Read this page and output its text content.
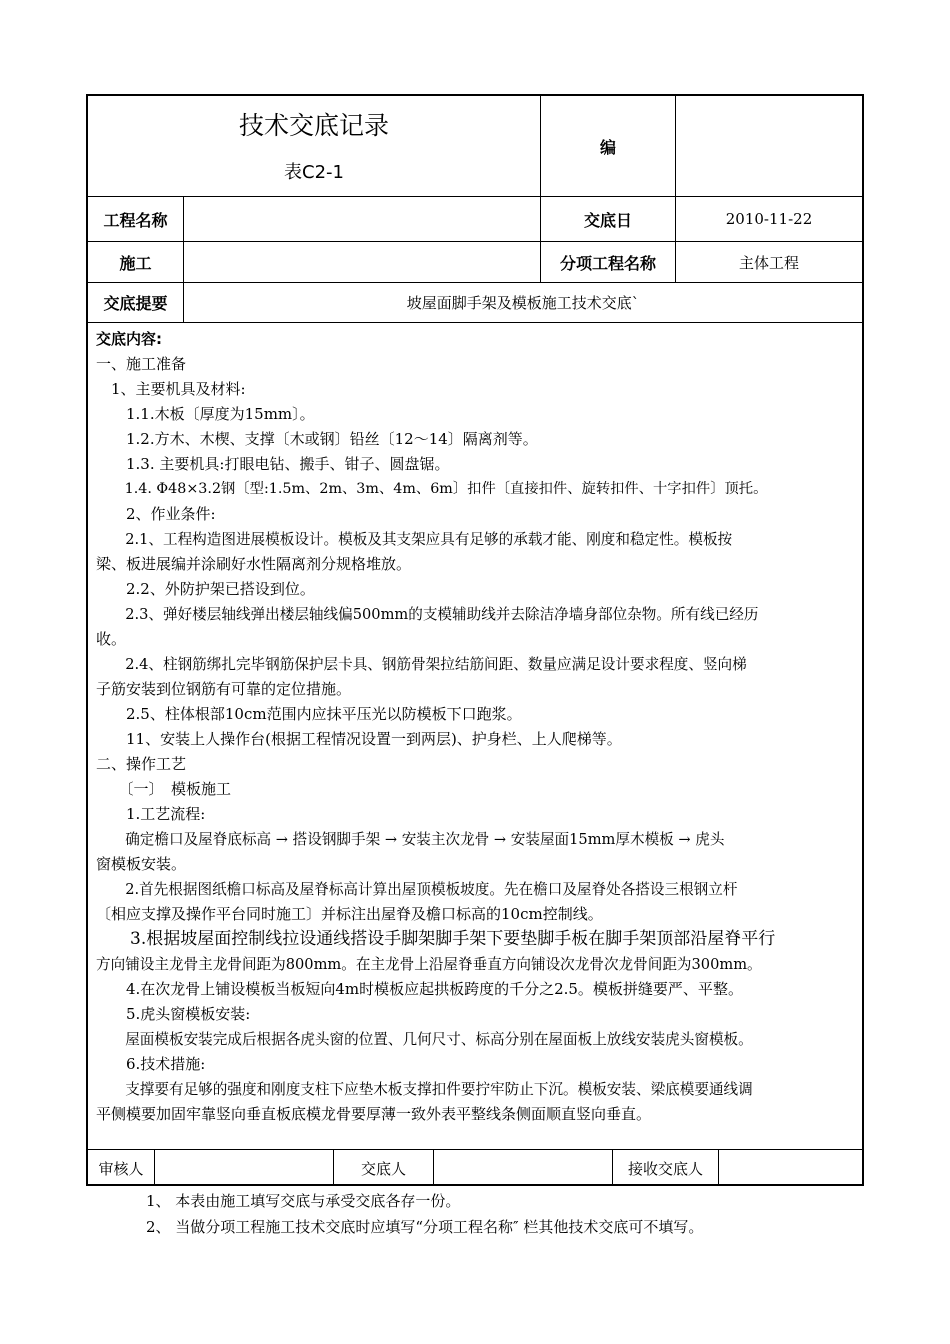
技术交底记录
表C2-1
编
工程名称	交底日	2010-11-22
施工	分项工程名称	主体工程
交底提要	坡屋面脚手架及模板施工技术交底`
交底内容:
一、施工准备
　1、主要机具及材料:
　　1.1.木板〔厚度为15mm〕。
　　1.2.方木、木楔、支撑〔木或钢〕铅丝〔12～14〕隔离剂等。
　　1.3. 主要机具:打眼电钻、搬手、钳子、圆盘锯。
　　1.4. Φ48×3.2钢〔型:1.5m、2m、3m、4m、6m〕扣件〔直接扣件、旋转扣件、十字扣件〕顶托。
　　2、作业条件:
　　2.1、工程构造图进展模板设计。模板及其支架应具有足够的承载才能、刚度和稳定性。模板按
梁、板进展编并涂刷好水性隔离剂分规格堆放。
　　2.2、外防护架已搭设到位。
　　2.3、弹好楼层轴线弹出楼层轴线偏500mm的支模辅助线并去除洁净墙身部位杂物。所有线已经历
收。
　　2.4、柱钢筋绑扎完毕钢筋保护层卡具、钢筋骨架拉结筋间距、数量应满足设计要求程度、竖向梯
子筋安装到位钢筋有可靠的定位措施。
　　2.5、柱体根部10cm范围内应抹平压光以防模板下口跑浆。
　　11、安装上人操作台(根据工程情况设置一到两层)、护身栏、上人爬梯等。
二、操作工艺
　　〔一〕　模板施工
　　1.工艺流程:
　　确定檐口及屋脊底标高 → 搭设钢脚手架 → 安装主次龙骨 → 安装屋面15mm厚木模板 → 虎头
窗模板安装。
　　2.首先根据图纸檐口标高及屋脊标高计算出屋顶模板坡度。先在檐口及屋脊处各搭设三根钢立杆
〔相应支撑及操作平台同时施工〕并标注出屋脊及檐口标高的10cm控制线。
　　3.根据坡屋面控制线拉设通线搭设手脚架脚手架下要垫脚手板在脚手架顶部沿屋脊平行
方向铺设主龙骨主龙骨间距为800mm。在主龙骨上沿屋脊垂直方向铺设次龙骨次龙骨间距为300mm。
　　4.在次龙骨上铺设模板当板短向4m时模板应起拱板跨度的千分之2.5。模板拼缝要严、平整。
　　5.虎头窗模板安装:
　　屋面模板安装完成后根据各虎头窗的位置、几何尺寸、标高分别在屋面板上放线安装虎头窗模板。
　　6.技术措施:
　　支撑要有足够的强度和刚度支柱下应垫木板支撑扣件要拧牢防止下沉。模板安装、梁底模要通线调
平侧模要加固牢靠竖向垂直板底模龙骨要厚薄一致外表平整线条侧面顺直竖向垂直。
审核人	交底人	接收交底人
1、 本表由施工填写交底与承受交底各存一份。
2、 当做分项工程施工技术交底时应填写“分项工程名称″ 栏其他技术交底可不填写。
